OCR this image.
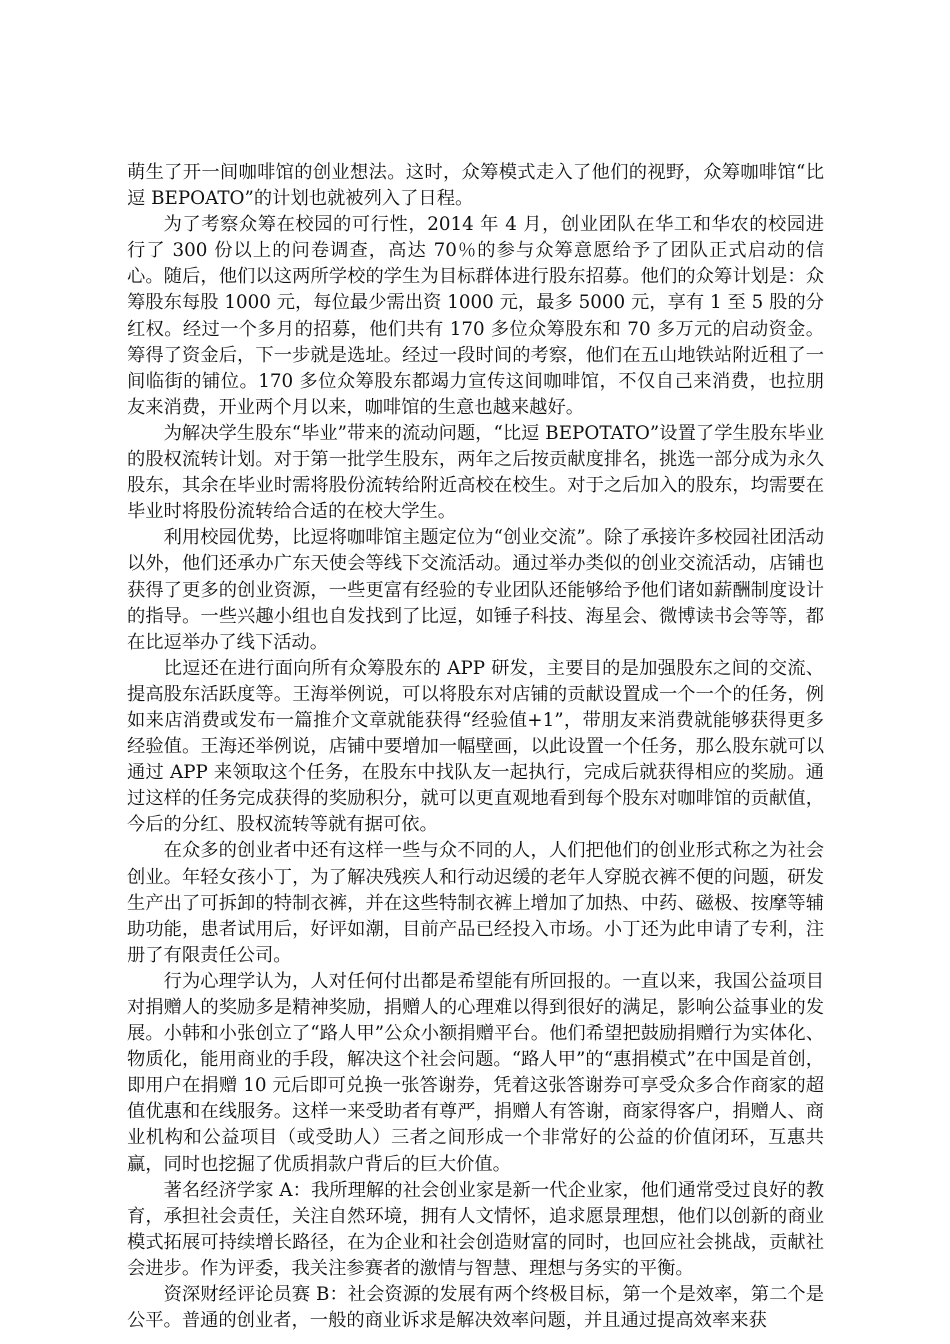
萌生了开一间咖啡馆的创业想法。这时，众筹模式走入了他们的视野，众筹咖啡馆“比逗 BEPOATO”的计划也就被列入了日程。

为了考察众筹在校园的可行性，2014 年 4 月，创业团队在华工和华农的校园进行了 300 份以上的问卷调查，高达 70％的参与众筹意愿给予了团队正式启动的信心。随后，他们以这两所学校的学生为目标群体进行股东招募。他们的众筹计划是：众筹股东每股 1000 元，每位最少需出资 1000 元，最多 5000 元，享有 1 至 5 股的分红权。经过一个多月的招募，他们共有 170 多位众筹股东和 70 多万元的启动资金。筹得了资金后，下一步就是选址。经过一段时间的考察，他们在五山地铁站附近租了一间临街的铺位。170 多位众筹股东都竭力宣传这间咖啡馆，不仅自己来消费，也拉朋友来消费，开业两个月以来，咖啡馆的生意也越来越好。

为解决学生股东“毕业”带来的流动问题，“比逗 BEPOTATO”设置了学生股东毕业的股权流转计划。对于第一批学生股东，两年之后按贡献度排名，挑选一部分成为永久股东，其余在毕业时需将股份流转给附近高校在校生。对于之后加入的股东，均需要在毕业时将股份流转给合适的在校大学生。

利用校园优势，比逗将咖啡馆主题定位为“创业交流”。除了承接许多校园社团活动以外，他们还承办广东天使会等线下交流活动。通过举办类似的创业交流活动，店铺也获得了更多的创业资源，一些更富有经验的专业团队还能够给予他们诸如薪酬制度设计的指导。一些兴趣小组也自发找到了比逗，如锤子科技、海星会、微博读书会等等，都在比逗举办了线下活动。

比逗还在进行面向所有众筹股东的 APP 研发，主要目的是加强股东之间的交流、提高股东活跃度等。王海举例说，可以将股东对店铺的贡献设置成一个一个的任务，例如来店消费或发布一篇推介文章就能获得“经验值+1”，带朋友来消费就能够获得更多经验值。王海还举例说，店铺中要增加一幅壁画，以此设置一个任务，那么股东就可以通过 APP 来领取这个任务，在股东中找队友一起执行，完成后就获得相应的奖励。通过这样的任务完成获得的奖励积分，就可以更直观地看到每个股东对咖啡馆的贡献值，今后的分红、股权流转等就有据可依。

在众多的创业者中还有这样一些与众不同的人，人们把他们的创业形式称之为社会创业。年轻女孩小丁，为了解决残疾人和行动迟缓的老年人穿脱衣裤不便的问题，研发生产出了可拆卸的特制衣裤，并在这些特制衣裤上增加了加热、中药、磁极、按摩等辅助功能，患者试用后，好评如潮，目前产品已经投入市场。小丁还为此申请了专利，注册了有限责任公司。

行为心理学认为，人对任何付出都是希望能有所回报的。一直以来，我国公益项目对捐赠人的奖励多是精神奖励，捐赠人的心理难以得到很好的满足，影响公益事业的发展。小韩和小张创立了“路人甲”公众小额捐赠平台。他们希望把鼓励捐赠行为实体化、物质化，能用商业的手段，解决这个社会问题。“路人甲”的“惠捐模式”在中国是首创，即用户在捐赠 10 元后即可兑换一张答谢券，凭着这张答谢券可享受众多合作商家的超值优惠和在线服务。这样一来受助者有尊严，捐赠人有答谢，商家得客户，捐赠人、商业机构和公益项目（或受助人）三者之间形成一个非常好的公益的价值闭环，互惠共赢，同时也挖掘了优质捐款户背后的巨大价值。

著名经济学家 A：我所理解的社会创业家是新一代企业家，他们通常受过良好的教育，承担社会责任，关注自然环境，拥有人文情怀，追求愿景理想，他们以创新的商业模式拓展可持续增长路径，在为企业和社会创造财富的同时，也回应社会挑战，贡献社会进步。作为评委，我关注参赛者的激情与智慧、理想与务实的平衡。

资深财经评论员赛 B：社会资源的发展有两个终极目标，第一个是效率，第二个是公平。普通的创业者，一般的商业诉求是解决效率问题，并且通过提高效率来获
